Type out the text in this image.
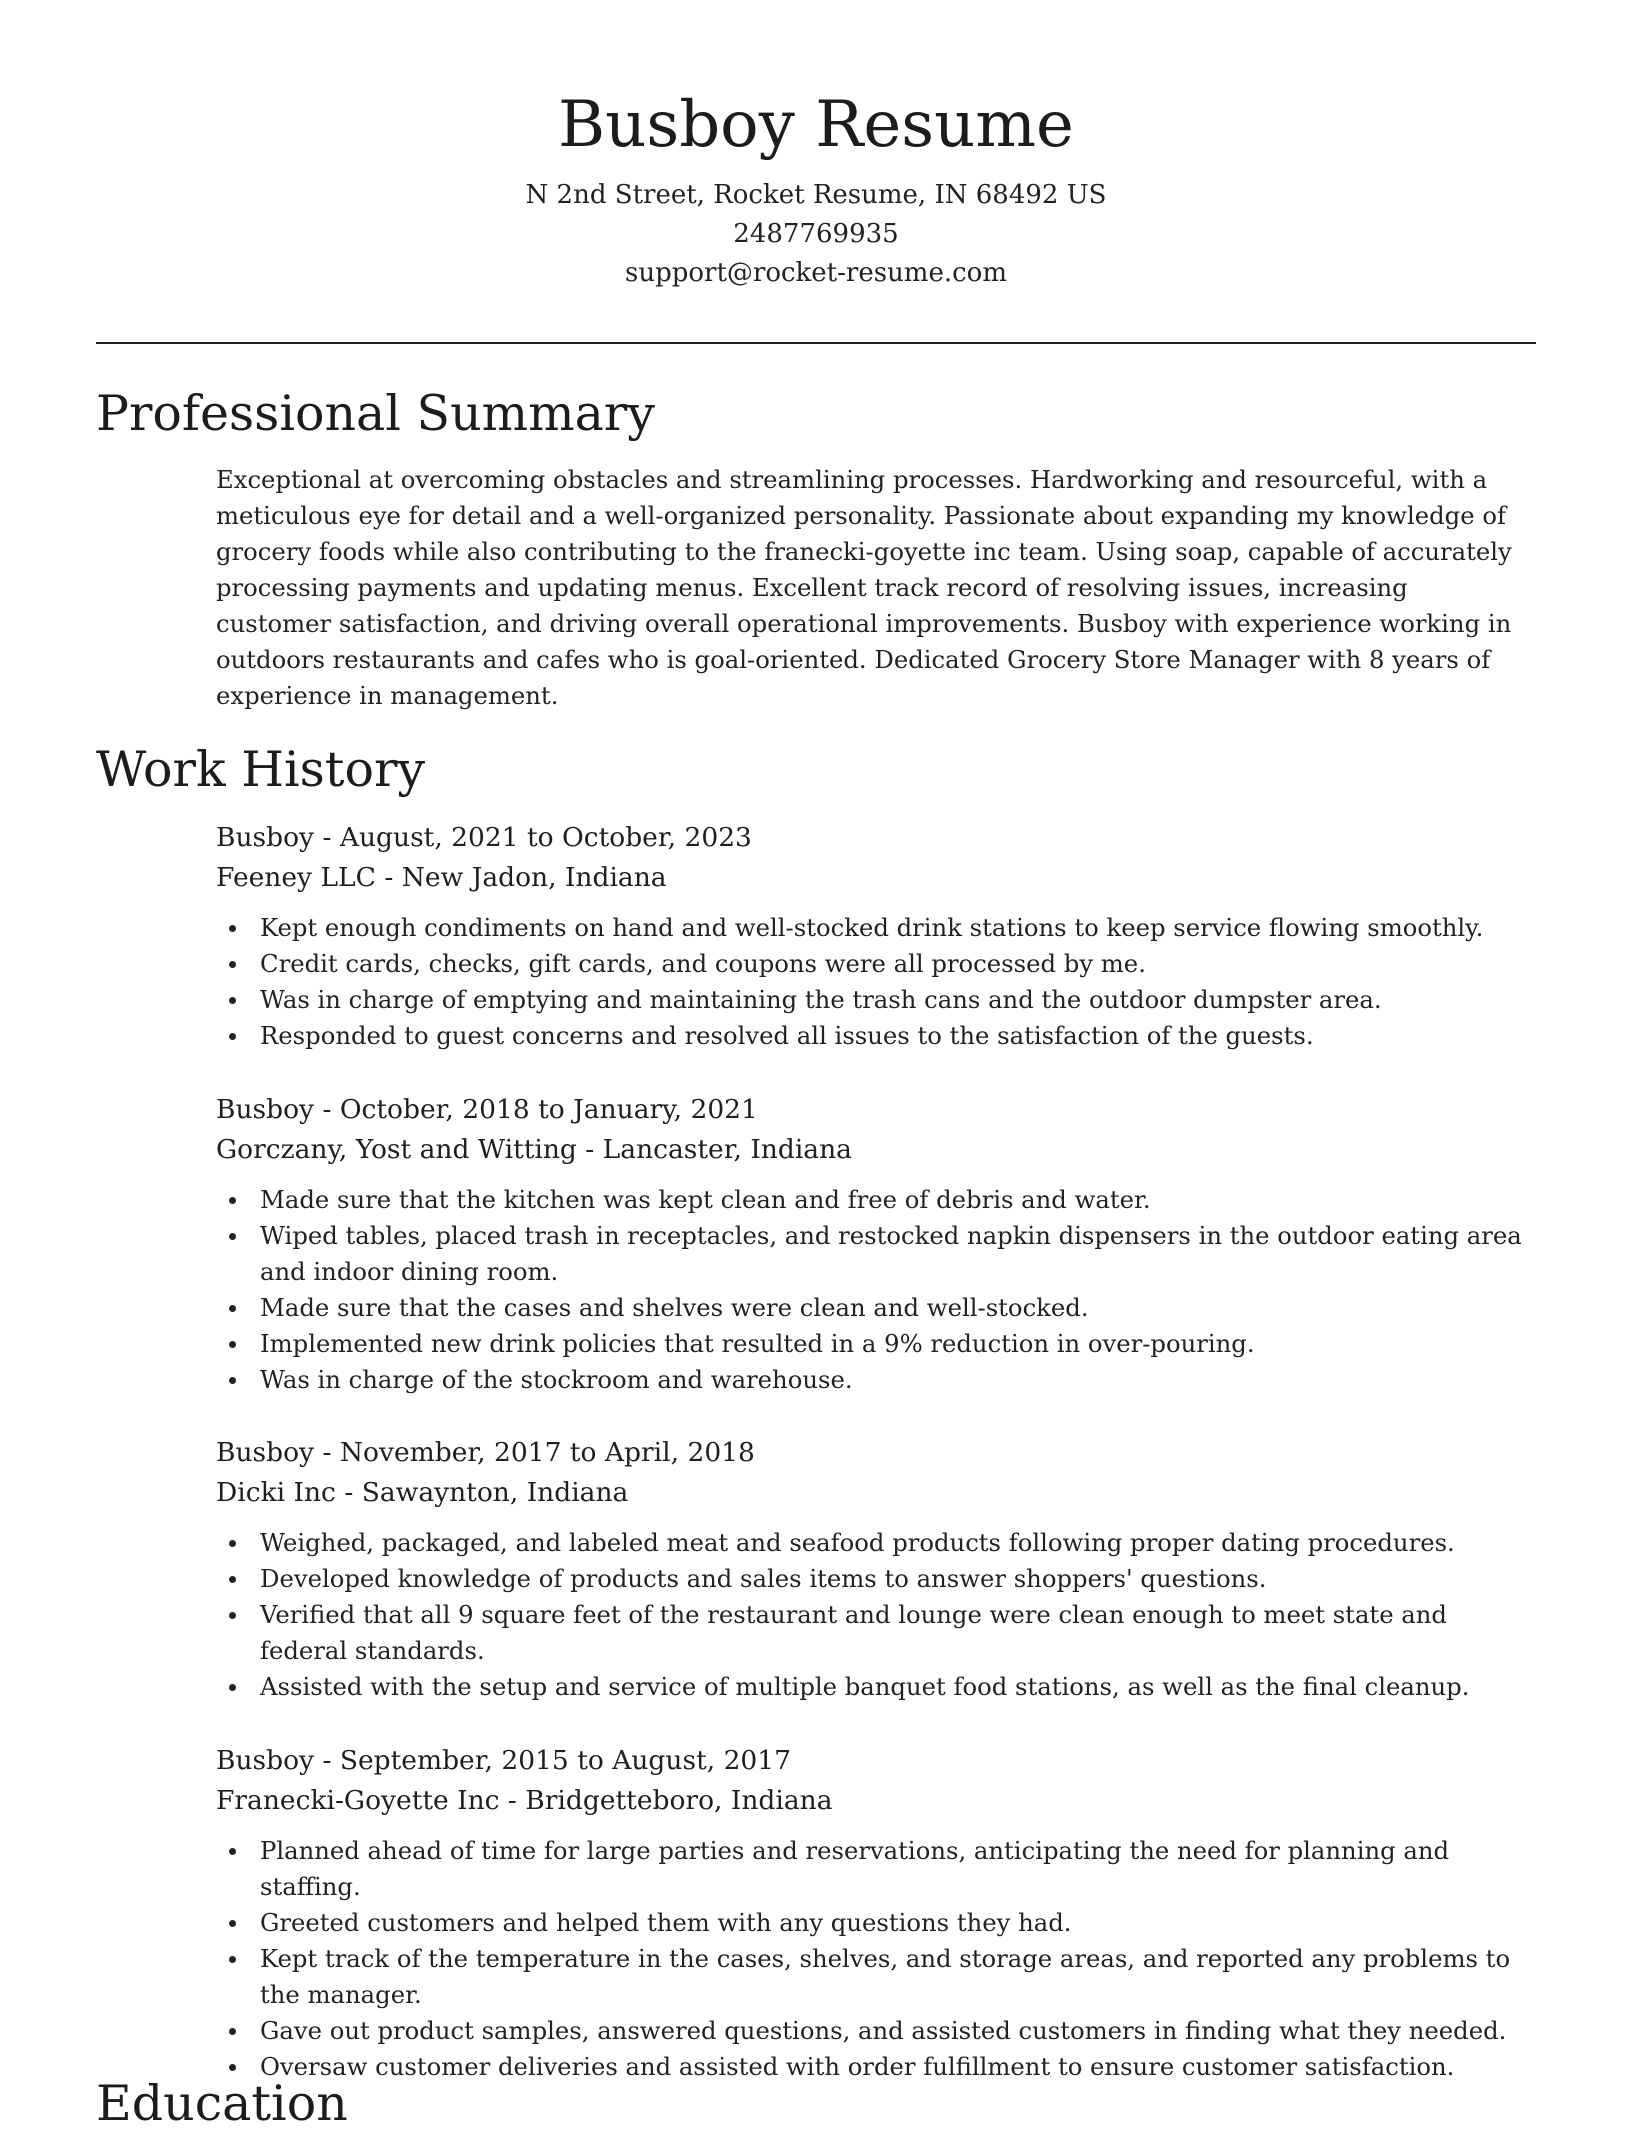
Busboy Resume

N 2nd Street, Rocket Resume, IN 68492 US

2487769935

support@rocket-resume.com

Professional Summary

Exceptional at overcoming obstacles and streamlining processes. Hardworking and resourceful, with a meticulous eye for detail and a well-organized personality. Passionate about expanding my knowledge of grocery foods while also contributing to the franecki-goyette inc team. Using soap, capable of accurately processing payments and updating menus. Excellent track record of resolving issues, increasing customer satisfaction, and driving overall operational improvements. Busboy with experience working in outdoors restaurants and cafes who is goal-oriented. Dedicated Grocery Store Manager with 8 years of experience in management.

Work History

Busboy - August, 2021 to October, 2023

Feeney LLC - New Jadon, Indiana

Kept enough condiments on hand and well-stocked drink stations to keep service flowing smoothly.
Credit cards, checks, gift cards, and coupons were all processed by me.
Was in charge of emptying and maintaining the trash cans and the outdoor dumpster area.
Responded to guest concerns and resolved all issues to the satisfaction of the guests.

Busboy - October, 2018 to January, 2021

Gorczany, Yost and Witting - Lancaster, Indiana

Made sure that the kitchen was kept clean and free of debris and water.
Wiped tables, placed trash in receptacles, and restocked napkin dispensers in the outdoor eating area and indoor dining room.
Made sure that the cases and shelves were clean and well-stocked.
Implemented new drink policies that resulted in a 9% reduction in over-pouring.
Was in charge of the stockroom and warehouse.

Busboy - November, 2017 to April, 2018

Dicki Inc - Sawaynton, Indiana

Weighed, packaged, and labeled meat and seafood products following proper dating procedures.
Developed knowledge of products and sales items to answer shoppers' questions.
Verified that all 9 square feet of the restaurant and lounge were clean enough to meet state and federal standards.
Assisted with the setup and service of multiple banquet food stations, as well as the final cleanup.

Busboy - September, 2015 to August, 2017

Franecki-Goyette Inc - Bridgetteboro, Indiana

Planned ahead of time for large parties and reservations, anticipating the need for planning and staffing.
Greeted customers and helped them with any questions they had.
Kept track of the temperature in the cases, shelves, and storage areas, and reported any problems to the manager.
Gave out product samples, answered questions, and assisted customers in finding what they needed.
Oversaw customer deliveries and assisted with order fulfillment to ensure customer satisfaction.
Education
